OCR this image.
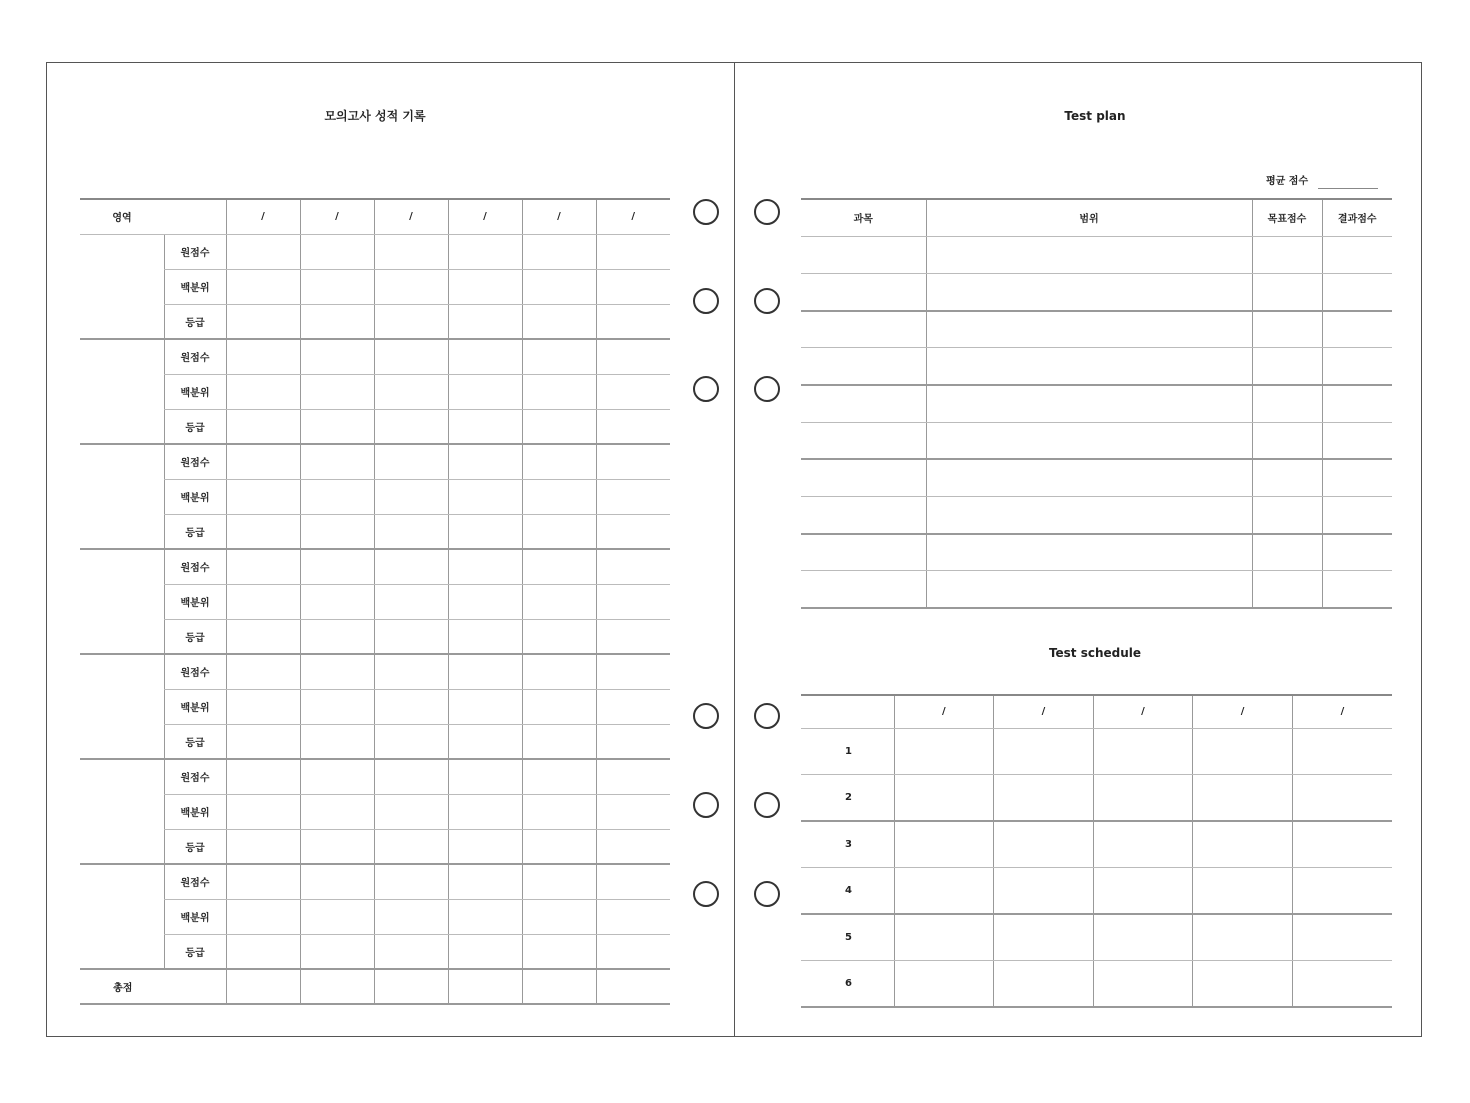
모의고사 성적 기록
영역		/	/	/	/	/	/
	원점수						
	백분위						
	등급						
	원점수						
	백분위						
	등급						
	원점수						
	백분위						
	등급						
	원점수						
	백분위						
	등급						
	원점수						
	백분위						
	등급						
	원점수						
	백분위						
	등급						
	원점수						
	백분위						
	등급						
총점							
Test plan
평균 점수
과목	범위	목표점수	결과점수

Test schedule
	/	/	/	/	/
1					
2					
3					
4					
5					
6					
